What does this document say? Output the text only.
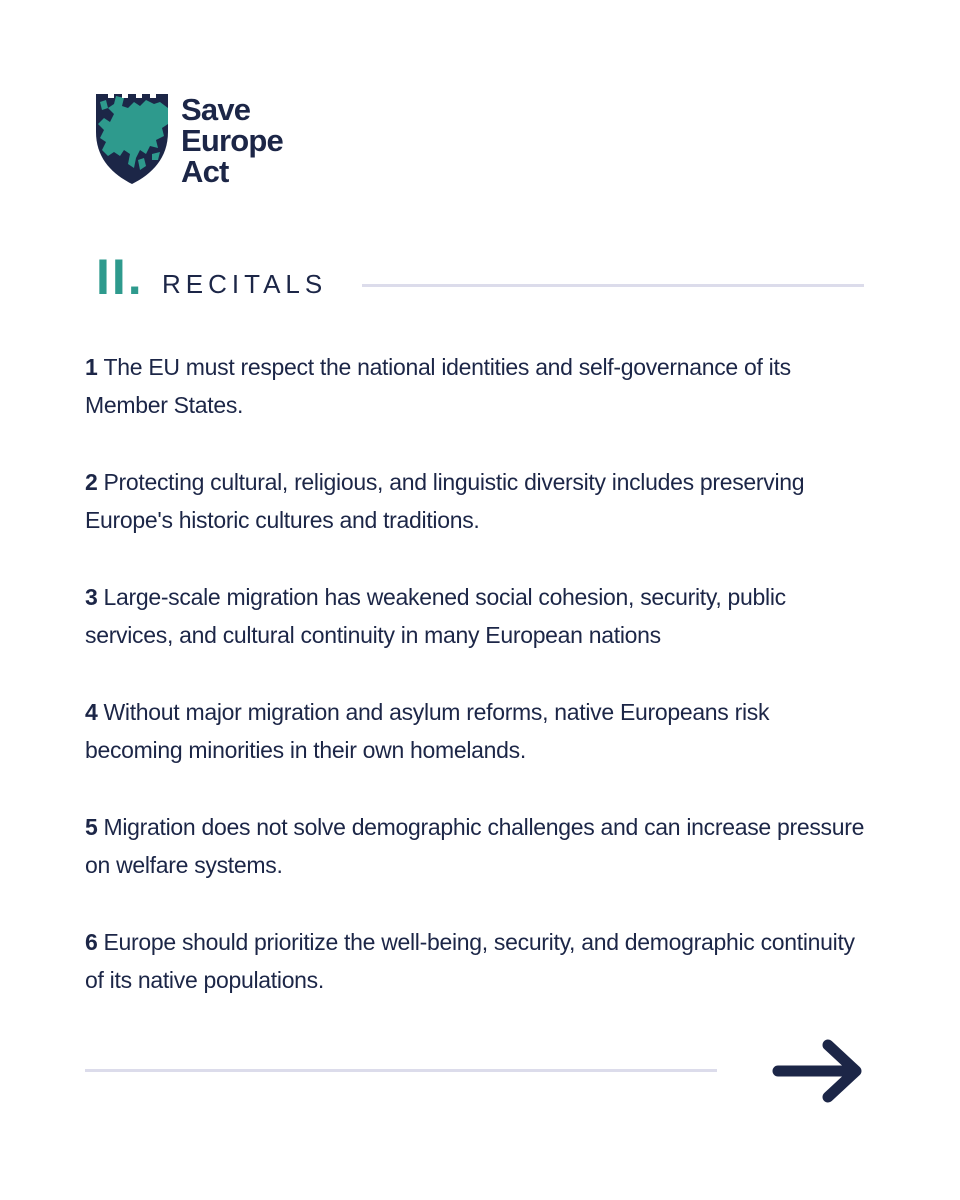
Save
Europe
Act
II. RECITALS
1 The EU must respect the national identities and self-governance of its Member States.
2 Protecting cultural, religious, and linguistic diversity includes preserving Europe's historic cultures and traditions.
3 Large-scale migration has weakened social cohesion, security, public services, and cultural continuity in many European nations
4 Without major migration and asylum reforms, native Europeans risk becoming minorities in their own homelands.
5 Migration does not solve demographic challenges and can increase pressure on welfare systems.
6 Europe should prioritize the well-being, security, and demographic continuity of its native populations.
